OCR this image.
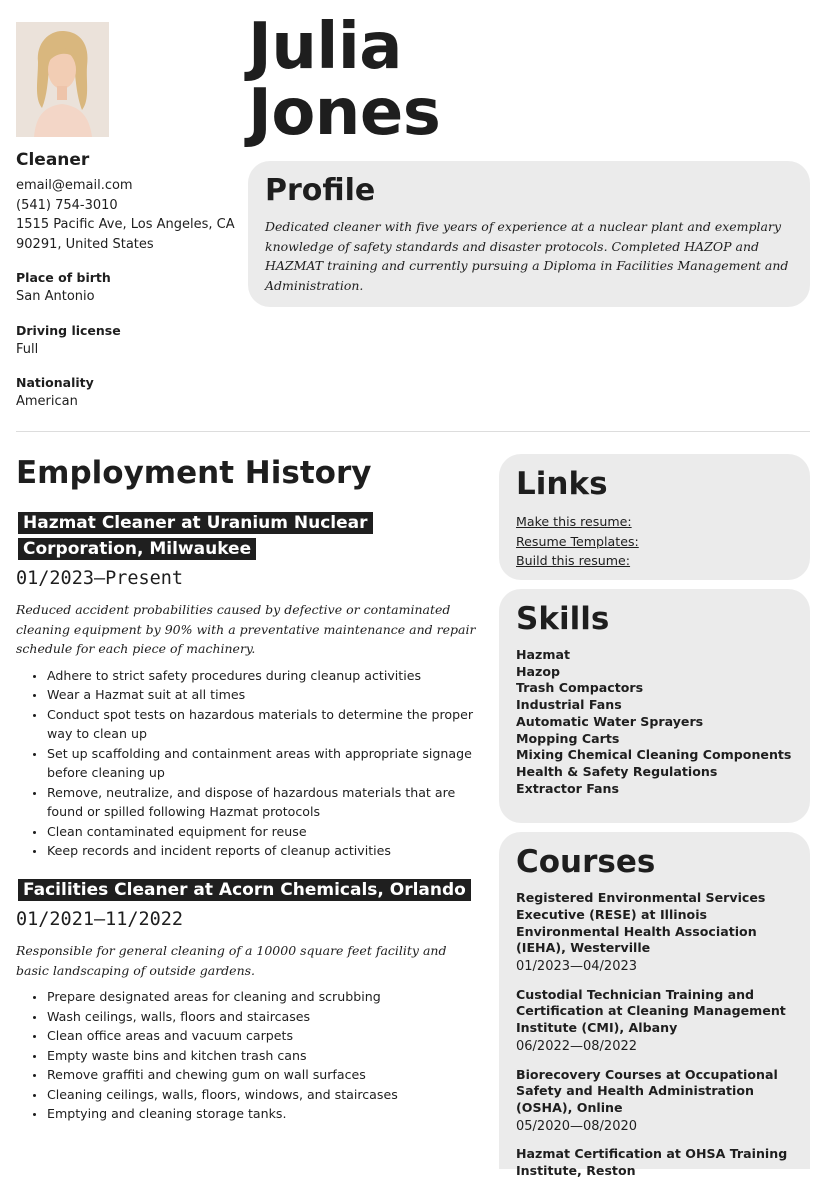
Cleaner
email@email.com
(541) 754-3010
1515 Pacific Ave, Los Angeles, CA
90291, United States
Place of birth
San Antonio
Driving license
Full
Nationality
American
Julia
Jones
Profile

Dedicated cleaner with five years of experience at a nuclear plant and exemplary knowledge of safety standards and disaster protocols. Completed HAZOP and HAZMAT training and currently pursuing a Diploma in Facilities Management and Administration.

Employment History
Hazmat Cleaner at Uranium Nuclear Corporation, Milwaukee
01/2023—Present
Reduced accident probabilities caused by defective or contaminated cleaning equipment by 90% with a preventative maintenance and repair schedule for each piece of machinery.
Adhere to strict safety procedures during cleanup activities
Wear a Hazmat suit at all times
Conduct spot tests on hazardous materials to determine the proper way to clean up
Set up scaffolding and containment areas with appropriate signage before cleaning up
Remove, neutralize, and dispose of hazardous materials that are found or spilled following Hazmat protocols
Clean contaminated equipment for reuse
Keep records and incident reports of cleanup activities
Facilities Cleaner at Acorn Chemicals, Orlando
01/2021—11/2022
Responsible for general cleaning of a 10000 square feet facility and basic landscaping of outside gardens.
Prepare designated areas for cleaning and scrubbing
Wash ceilings, walls, floors and staircases
Clean office areas and vacuum carpets
Empty waste bins and kitchen trash cans
Remove graffiti and chewing gum on wall surfaces
Cleaning ceilings, walls, floors, windows, and staircases
Emptying and cleaning storage tanks.
Links
Make this resume:
Resume Templates:
Build this resume:
Skills
Hazmat
Hazop
Trash Compactors
Industrial Fans
Automatic Water Sprayers
Mopping Carts
Mixing Chemical Cleaning Components
Health & Safety Regulations
Extractor Fans
Courses
Registered Environmental Services Executive (RESE) at Illinois Environmental Health Association (IEHA), Westerville
01/2023—04/2023
Custodial Technician Training and Certification at Cleaning Management Institute (CMI), Albany
06/2022—08/2022
Biorecovery Courses at Occupational Safety and Health Administration (OSHA), Online
05/2020—08/2020
Hazmat Certification at OHSA Training Institute, Reston
